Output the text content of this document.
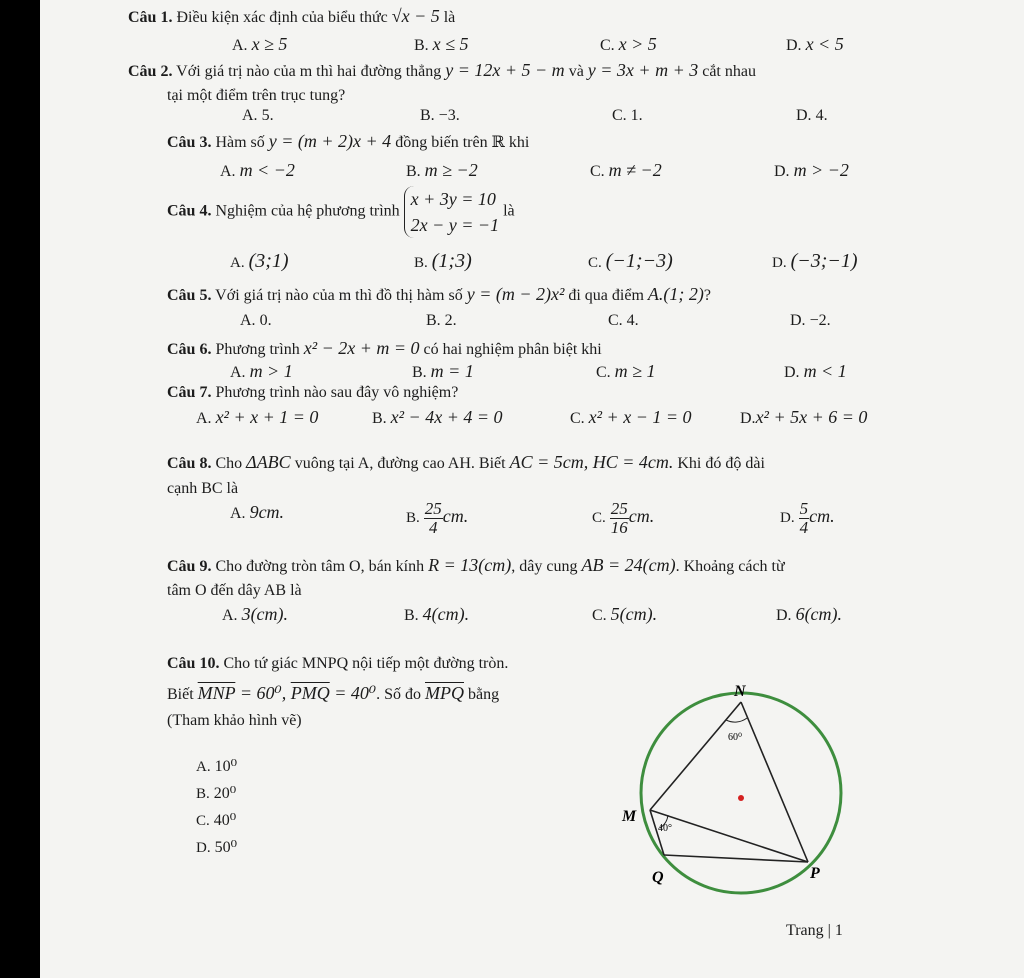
Câu 1. Điều kiện xác định của biểu thức √x − 5 là
A. x ≥ 5	B. x ≤ 5	C. x > 5	D. x < 5
Câu 2. Với giá trị nào của m thì hai đường thẳng y = 12x + 5 − m và y = 3x + m + 3 cắt nhau
tại một điểm trên trục tung?
A. 5.	B. −3.	C. 1.	D. 4.
Câu 3. Hàm số y = (m + 2)x + 4 đồng biến trên ℝ khi
A. m < −2	B. m ≥ −2	C. m ≠ −2	D. m > −2
Câu 4. Nghiệm của hệ phương trình
x + 3y = 10
2x − y = −1
là
A. (3;1)	B. (1;3)	C. (−1;−3)	D. (−3;−1)
Câu 5. Với giá trị nào của m thì đồ thị hàm số y = (m − 2)x² đi qua điểm A.(1; 2)?
A. 0.	B. 2.	C. 4.	D. −2.
Câu 6. Phương trình x² − 2x + m = 0 có hai nghiệm phân biệt khi
A. m > 1	B. m = 1	C. m ≥ 1	D. m < 1
Câu 7. Phương trình nào sau đây vô nghiệm?
A. x² + x + 1 = 0	B. x² − 4x + 4 = 0	C. x² + x − 1 = 0	D.x² + 5x + 6 = 0
Câu 8. Cho ΔABC vuông tại A, đường cao AH. Biết AC = 5cm, HC = 4cm. Khi đó độ dài
cạnh BC là
A. 9cm.	B. $\frac{25}{4}$ cm.	C. $\frac{25}{16}$ cm.	D. $\frac{5}{4}$ cm.
Câu 9. Cho đường tròn tâm O, bán kính R = 13(cm), dây cung AB = 24(cm). Khoảng cách từ
tâm O đến dây AB là
A. 3(cm).	B. 4(cm).	C. 5(cm).	D. 6(cm).
Câu 10. Cho tứ giác MNPQ nội tiếp một đường tròn.
Biết $\overline{MNP} = 60^0$, $\overline{PMQ} = 40^0$. Số đo $\overline{MPQ}$ bằng
(Tham khảo hình vẽ)
A. 10⁰
B. 20⁰
C. 40⁰
D. 50⁰
N
60⁰
M
40°
Q	P
Trang | 1
